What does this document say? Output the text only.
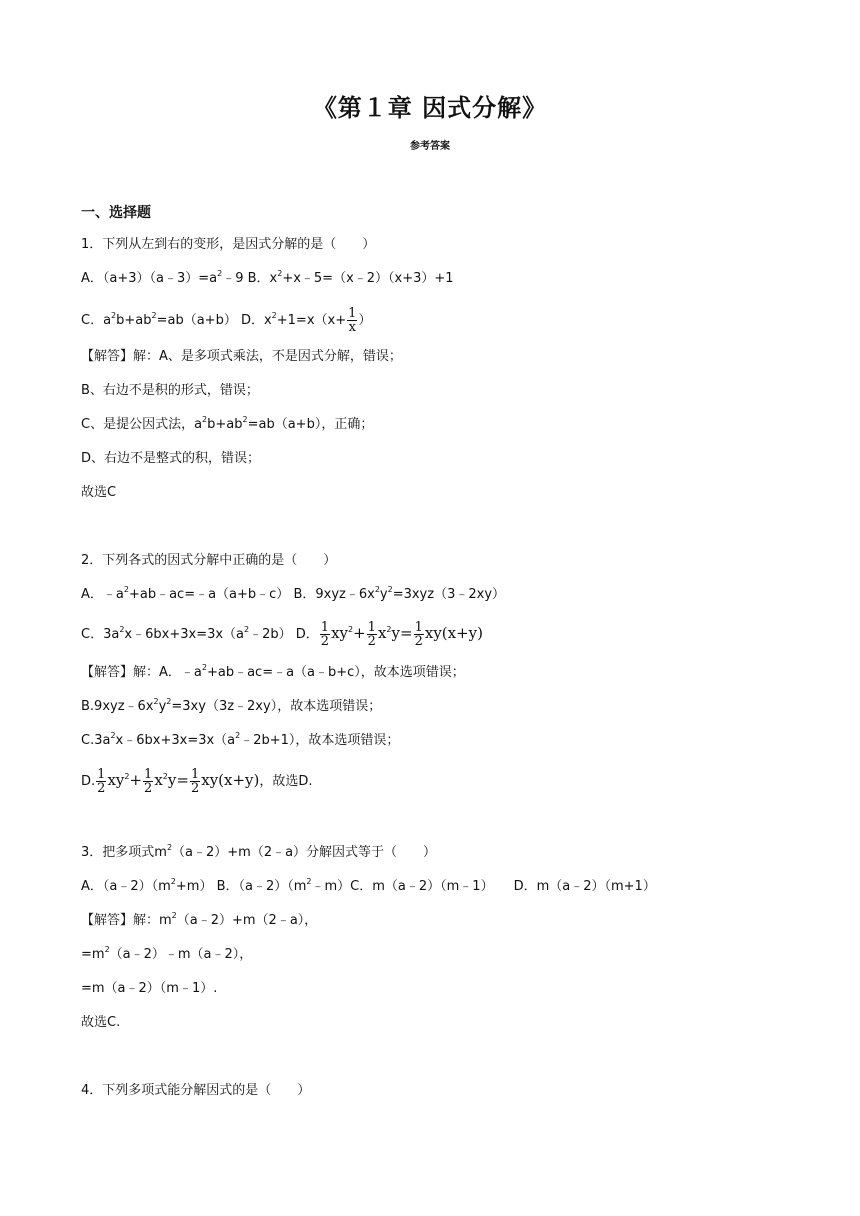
《第１章 因式分解》
参考答案
一、选择题
1．下列从左到右的变形，是因式分解的是（　　）
A．$(a+3)(a﹣3)=a^2﹣9$ B．$x^2+x﹣5=(x﹣2)(x+3)+1$
C．$a^2b+ab^2=ab(a+b)$ D．$x^2+1=x(x+ \frac{1}{x}$ ）
【解答】解：A、是多项式乘法，不是因式分解，错误；
B、右边不是积的形式，错误；
C、是提公因式法，$a^2b+ab^2=ab(a+b)$，正确；
D、右边不是整式的积，错误；
故选C
2．下列各式的因式分解中正确的是（　　）
A．$﹣a^2+ab﹣ac=﹣a(a+b﹣c)$ B．$9xyz﹣6x^2y^2=3xyz(3﹣2xy)$
C．$3a^2x﹣6bx+3x=3x(a^2﹣2b)$ D． $\frac{1}{2} xy^2+ \frac{1}{2} x^2y= \frac{1}{2} xy(x+y)$
【解答】解：A．$﹣a^2+ab﹣ac=﹣a(a﹣b+c)$，故本选项错误；
$B.9xyz﹣6x^2y^2=3xy(3z﹣2xy)$，故本选项错误；
$C.3a^2x﹣6bx+3x=3x(a^2﹣2b+1)$，故本选项错误；
D. $\frac{1}{2} xy^2+ \frac{1}{2} x^2y= \frac{1}{2} xy(x+y)$，故选D.
3．把多项式$m^2(a﹣2)+m(2﹣a)$分解因式等于（　　）
A．$(a﹣2)(m^2+m)$ B．$(a﹣2)(m^2﹣m)C$．m（a﹣2）（m﹣1） D．m（a﹣2）（m+1）
【解答】解：$m^2(a﹣2)+m(2﹣a)$，
$=m^2(a﹣2)﹣m(a﹣2)$，
=m（a﹣2）（m﹣1）.
故选C.
4．下列多项式能分解因式的是（　　）
